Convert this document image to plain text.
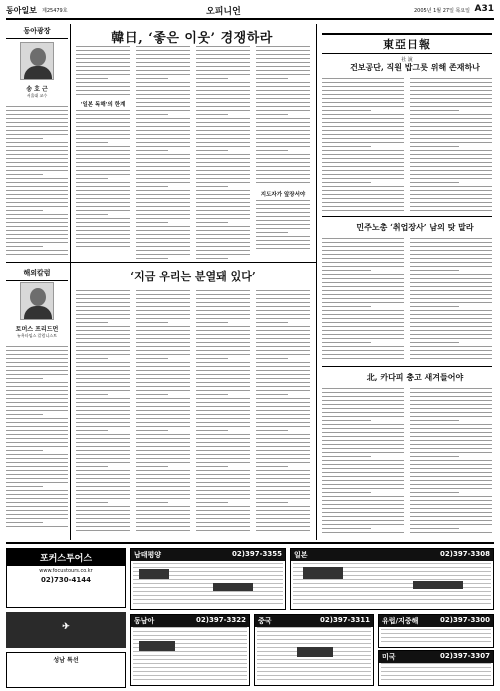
동아일보 제25479호	오피니언	2005년 1월 27일 목요일 A31
동아광장
송 호 근
서울대 교수
韓日, ‘좋은 이웃’ 경쟁하라
‘일본 독해’의 한계
지도자가 앞장서야
東亞日報
社 說
건보공단, 직원 밥그릇 위해 존재하나
민주노총 ‘취업장사’ 남의 탓 말라
北, 카다피 충고 새겨들어야
해외칼럼
토머스 프리드먼
뉴욕타임스 칼럼니스트
‘지금 우리는 분열돼 있다’
포커스투어스
www.focustours.co.kr
02)730-4144
✈
성남 특선
남태평양	02)397-3355 일본	02)397-3308
동남아	02)397-3322 중국	02)397-3311 유럽/지중해	02)397-3300
미국	02)397-3307
